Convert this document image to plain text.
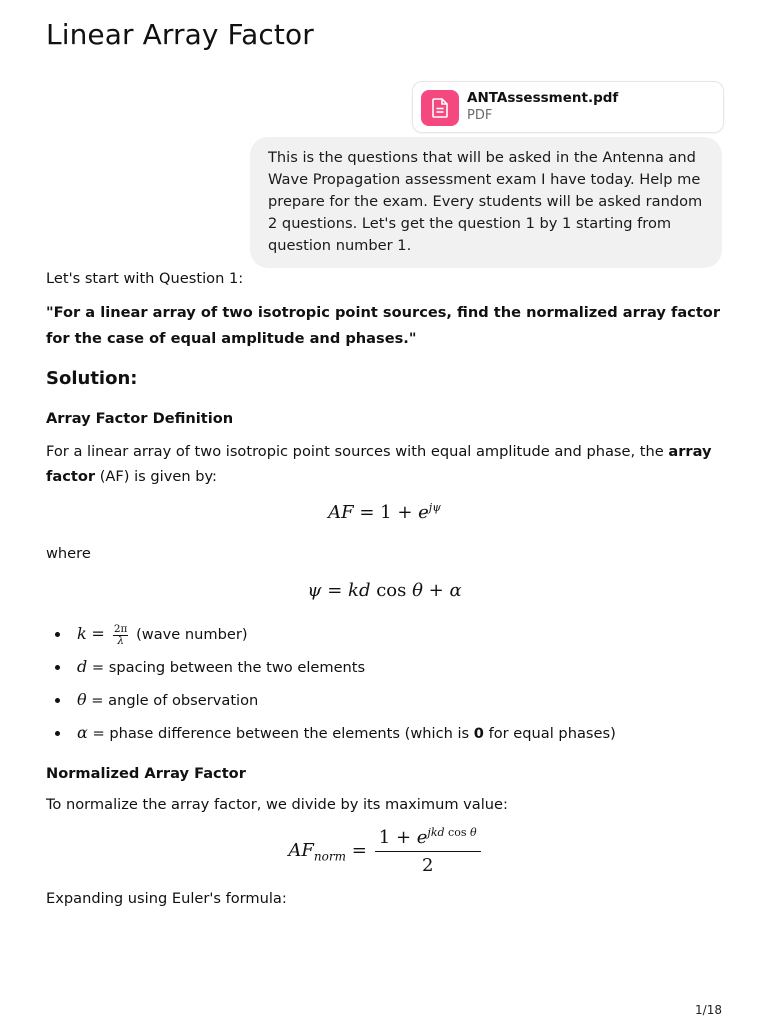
Linear Array Factor
ANTAssessment.pdf
PDF
This is the questions that will be asked in the Antenna and Wave Propagation assessment exam I have today. Help me prepare for the exam. Every students will be asked random 2 questions. Let's get the question 1 by 1 starting from question number 1.
Let's start with Question 1:
"For a linear array of two isotropic point sources, find the normalized array factor for the case of equal amplitude and phases."
Solution:
Array Factor Definition
For a linear array of two isotropic point sources with equal amplitude and phase, the array factor (AF) is given by:
AF = $1 + e^{j\psi}$
where
ψ = kd cos θ + α
$k = \frac{2\pi}{\lambda}$ (wave number)
d = spacing between the two elements
θ = angle of observation
α = phase difference between the elements (which is 0 for equal phases)
Normalized Array Factor
To normalize the array factor, we divide by its maximum value:
$AF_{norm} = \frac{1 + e^{jkd cos \theta}}{2}$
Expanding using Euler's formula:
1/18
